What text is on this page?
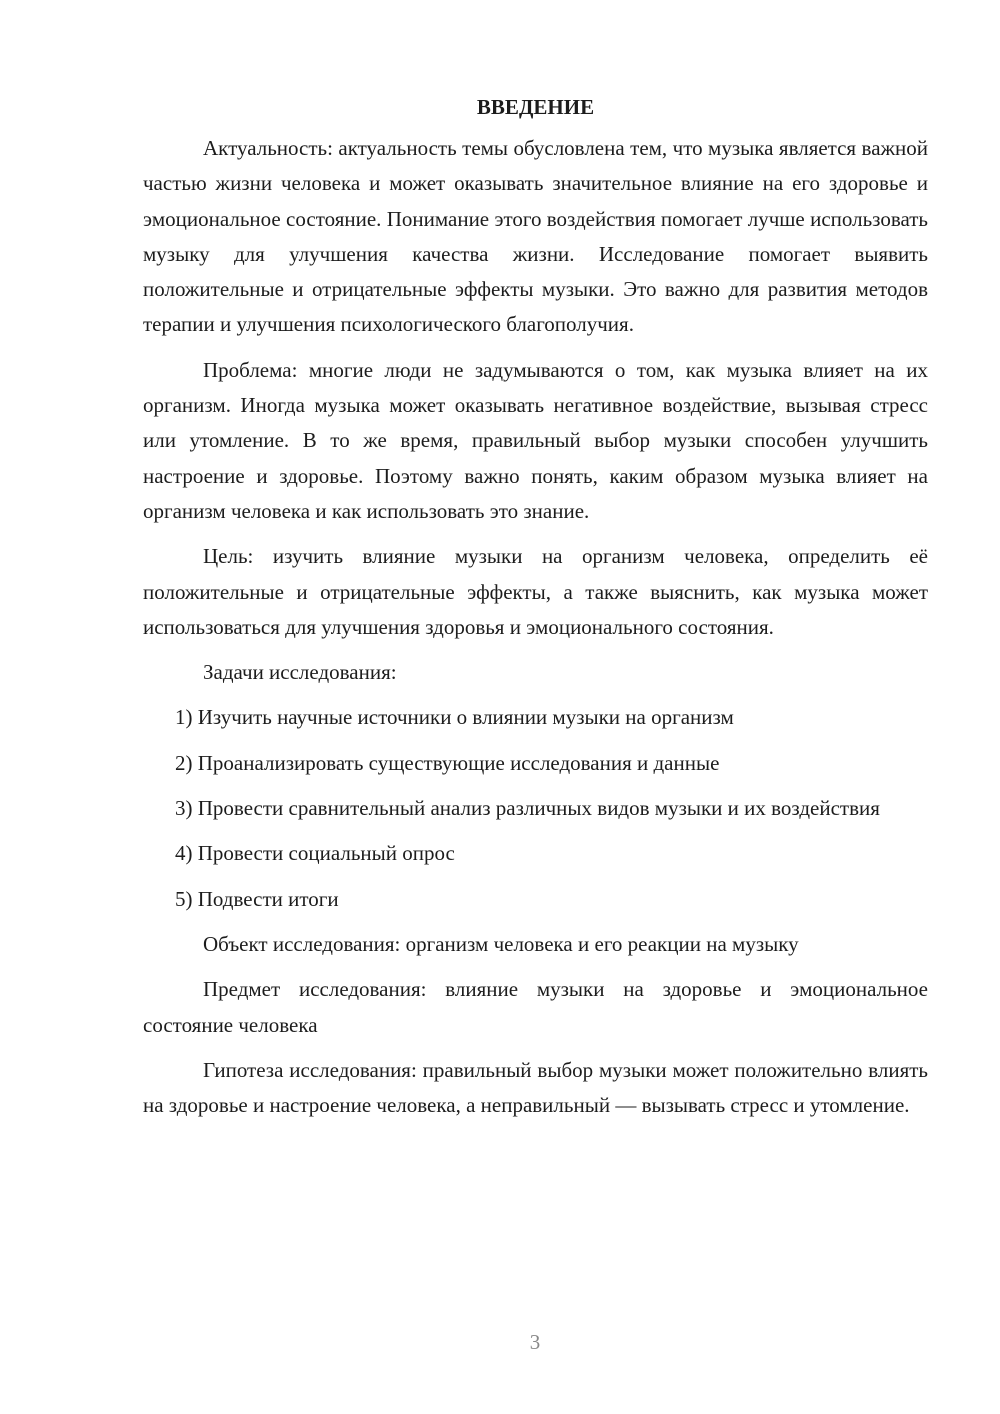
ВВЕДЕНИЕ

Актуальность: актуальность темы обусловлена тем, что музыка является важной частью жизни человека и может оказывать значительное влияние на его здоровье и эмоциональное состояние. Понимание этого воздействия помогает лучше использовать музыку для улучшения качества жизни. Исследование помогает выявить положительные и отрицательные эффекты музыки. Это важно для развития методов терапии и улучшения психологического благополучия.

Проблема: многие люди не задумываются о том, как музыка влияет на их организм. Иногда музыка может оказывать негативное воздействие, вызывая стресс или утомление. В то же время, правильный выбор музыки способен улучшить настроение и здоровье. Поэтому важно понять, каким образом музыка влияет на организм человека и как использовать это знание.

Цель: изучить влияние музыки на организм человека, определить её положительные и отрицательные эффекты, а также выяснить, как музыка может использоваться для улучшения здоровья и эмоционального состояния.

Задачи исследования:

1) Изучить научные источники о влиянии музыки на организм

2) Проанализировать существующие исследования и данные

3) Провести сравнительный анализ различных видов музыки и их воздействия

4) Провести социальный опрос

5) Подвести итоги

Объект исследования: организм человека и его реакции на музыку

Предмет исследования: влияние музыки на здоровье и эмоциональное состояние человека

Гипотеза исследования: правильный выбор музыки может положительно влиять на здоровье и настроение человека, а неправильный — вызывать стресс и утомление.

3
